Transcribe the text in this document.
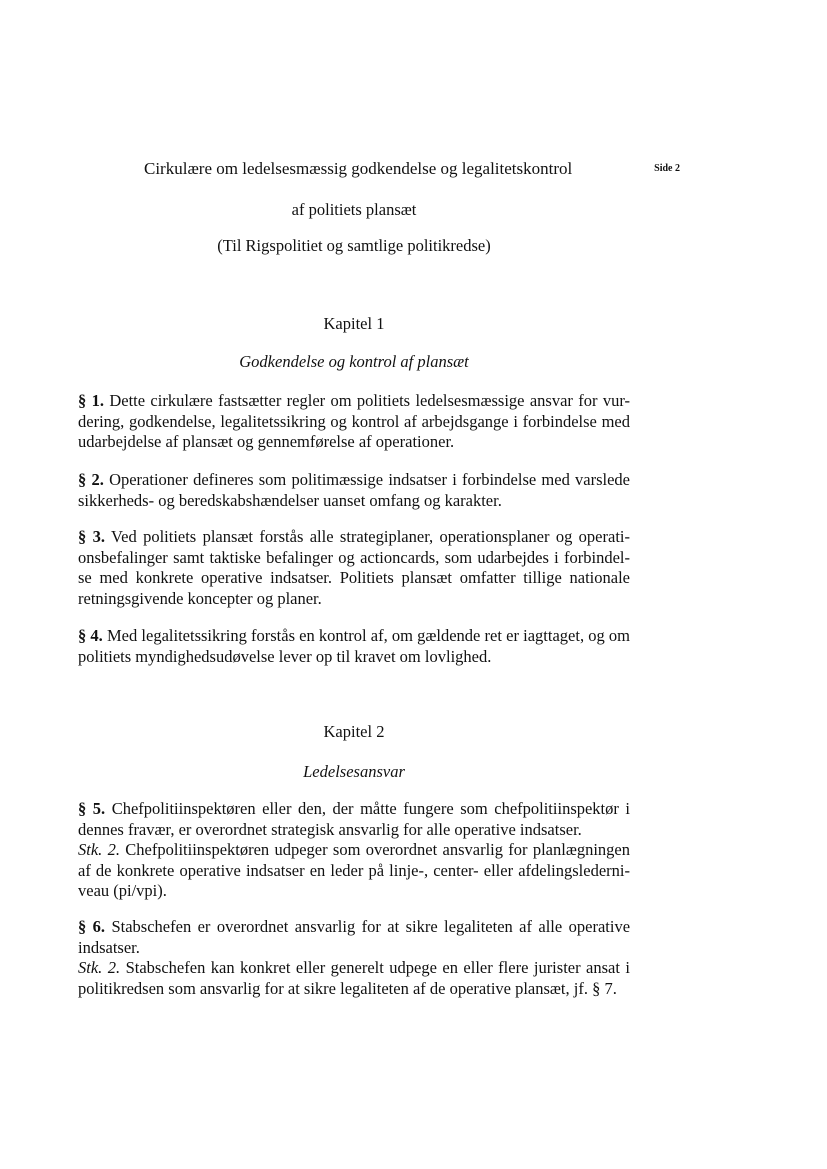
Cirkulære om ledelsesmæssig godkendelse og legalitetskontrol	Side 2
af politiets plansæt
(Til Rigspolitiet og samtlige politikredse)
Kapitel 1
Godkendelse og kontrol af plansæt
§ 1. Dette cirkulære fastsætter regler om politiets ledelsesmæssige ansvar for vur-dering, godkendelse, legalitetssikring og kontrol af arbejdsgange i forbindelse med udarbejdelse af plansæt og gennemførelse af operationer.
§ 2. Operationer defineres som politimæssige indsatser i forbindelse med varslede sikkerheds- og beredskabshændelser uanset omfang og karakter.
§ 3. Ved politiets plansæt forstås alle strategiplaner, operationsplaner og operati-onsbefalinger samt taktiske befalinger og actioncards, som udarbejdes i forbindel-se med konkrete operative indsatser. Politiets plansæt omfatter tillige nationale retningsgivende koncepter og planer.
§ 4. Med legalitetssikring forstås en kontrol af, om gældende ret er iagttaget, og om politiets myndighedsudøvelse lever op til kravet om lovlighed.
Kapitel 2
Ledelsesansvar
§ 5. Chefpolitiinspektøren eller den, der måtte fungere som chefpolitiinspektør i dennes fravær, er overordnet strategisk ansvarlig for alle operative indsatser.
Stk. 2. Chefpolitiinspektøren udpeger som overordnet ansvarlig for planlægningen af de konkrete operative indsatser en leder på linje-, center- eller afdelingslederni-veau (pi/vpi).
§ 6. Stabschefen er overordnet ansvarlig for at sikre legaliteten af alle operative indsatser.
Stk. 2. Stabschefen kan konkret eller generelt udpege en eller flere jurister ansat i politikredsen som ansvarlig for at sikre legaliteten af de operative plansæt, jf. § 7.
